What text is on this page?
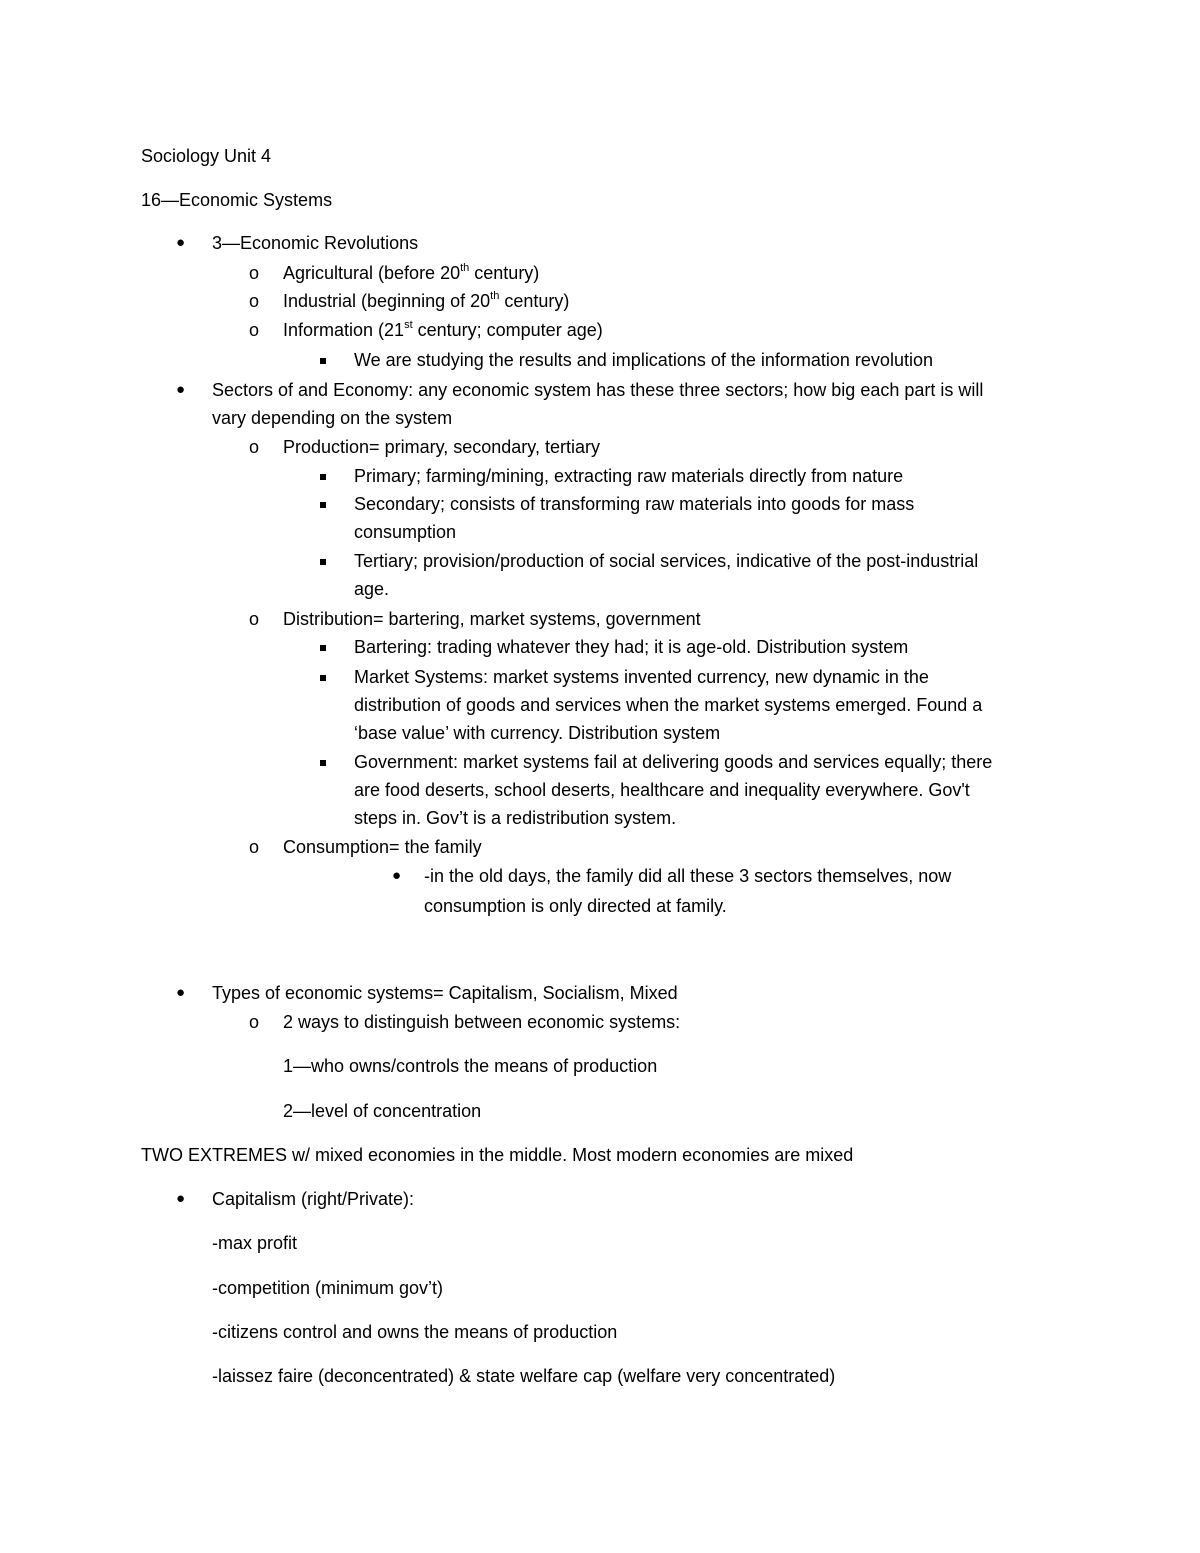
Sociology Unit 4
16—Economic Systems
● 3—Economic Revolutions
o Agricultural (before 20th century)
o Industrial (beginning of 20th century)
o Information (21st century; computer age)
We are studying the results and implications of the information revolution
● Sectors of and Economy: any economic system has these three sectors; how big each part is will
vary depending on the system
o Production= primary, secondary, tertiary
Primary; farming/mining, extracting raw materials directly from nature
Secondary; consists of transforming raw materials into goods for mass
consumption
Tertiary; provision/production of social services, indicative of the post-industrial
age.
o Distribution= bartering, market systems, government
Bartering: trading whatever they had; it is age-old. Distribution system
Market Systems: market systems invented currency, new dynamic in the
distribution of goods and services when the market systems emerged. Found a
‘base value’ with currency. Distribution system
Government: market systems fail at delivering goods and services equally; there
are food deserts, school deserts, healthcare and inequality everywhere. Gov't
steps in. Gov’t is a redistribution system.
o Consumption= the family
● -in the old days, the family did all these 3 sectors themselves, now
consumption is only directed at family.
● Types of economic systems= Capitalism, Socialism, Mixed
o 2 ways to distinguish between economic systems:
1—who owns/controls the means of production
2—level of concentration
TWO EXTREMES w/ mixed economies in the middle. Most modern economies are mixed
● Capitalism (right/Private):
-max profit
-competition (minimum gov’t)
-citizens control and owns the means of production
-laissez faire (deconcentrated) & state welfare cap (welfare very concentrated)
